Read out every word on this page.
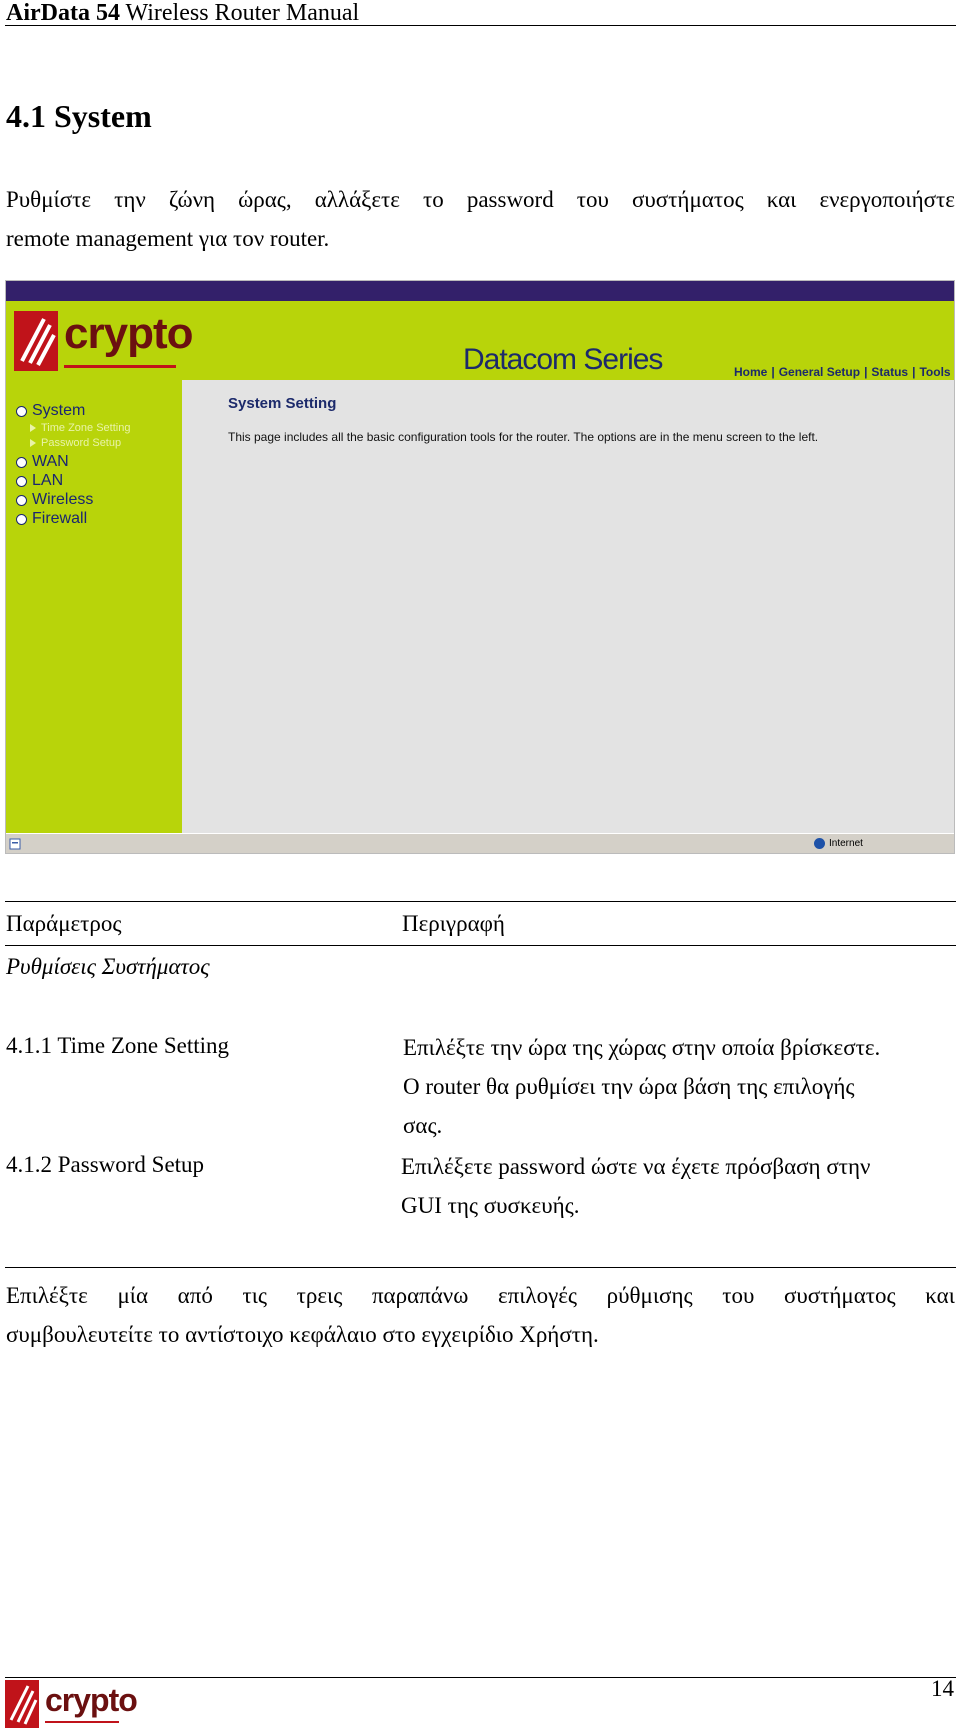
AirData 54 Wireless Router Manual
4.1 System
Ρυθμίστε την ζώνη ώρας, αλλάξετε το password του συστήματος και ενεργοποιήστε
remote management για τον router.
crypto
Datacom Series	Home | General Setup | Status | Tools
System
Time Zone Setting
Password Setup
WAN
LAN
Wireless
Firewall
System Setting
This page includes all the basic configuration tools for the router. The options are in the menu screen to the left.
Internet
Παράμετρος	Περιγραφή
Ρυθμίσεις Συστήματος
4.1.1 Time Zone Setting	Επιλέξτε την ώρα της χώρας στην οποία βρίσκεστε.
Ο router θα ρυθμίσει την ώρα βάση της επιλογής
σας.
4.1.2 Password Setup	Επιλέξετε password ώστε να έχετε πρόσβαση στην
GUI της συσκευής.
Επιλέξτε μία από τις τρεις παραπάνω επιλογές ρύθμισης του συστήματος και
συμβουλευτείτε το αντίστοιχο κεφάλαιο στο εγχειρίδιο Χρήστη.
crypto	14
